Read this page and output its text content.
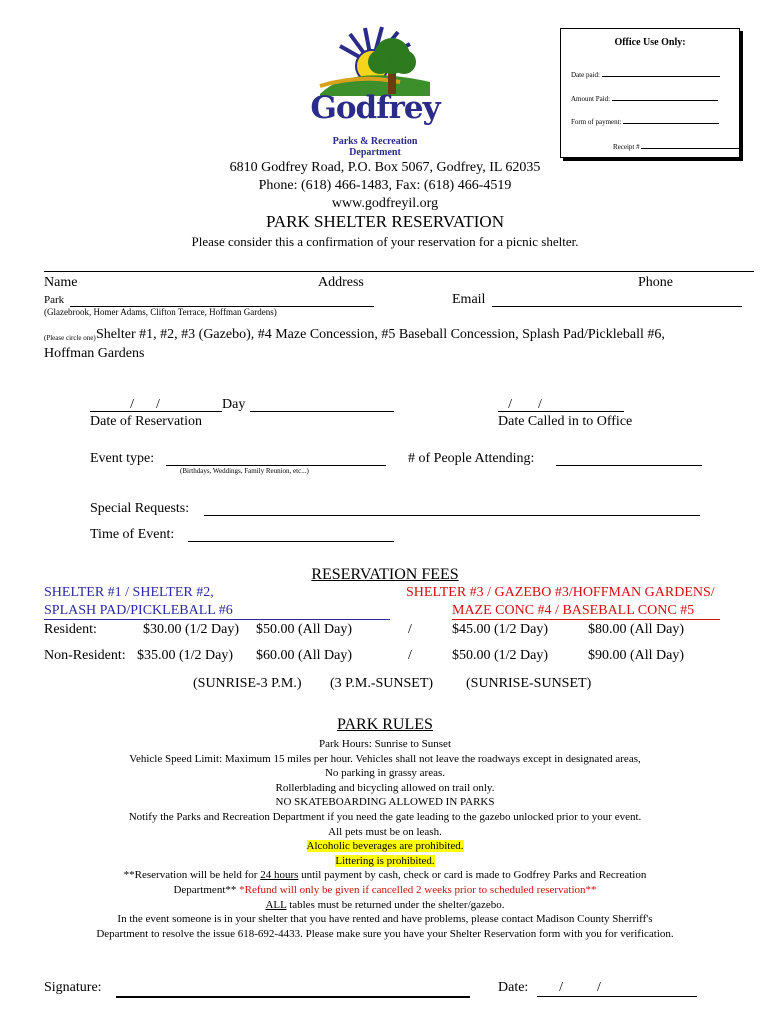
Office Use Only:
Date paid:
Amount Paid:
Form of payment:
Receipt #
Godfrey
Parks & Recreation
Department
6810 Godfrey Road, P.O. Box 5067, Godfrey, IL 62035
Phone: (618) 466-1483, Fax: (618) 466-4519
www.godfreyil.org
PARK SHELTER RESERVATION
Please consider this a confirmation of your reservation for a picnic shelter.
Name	Address	Phone
Park
(Glazebrook, Homer Adams, Clifton Terrace, Hoffman Gardens)
Email
(Please circle one) Shelter #1, #2, #3 (Gazebo), #4 Maze Concession, #5 Baseball Concession, Splash Pad/Pickleball #6,
Hoffman Gardens
//	Day
Date of Reservation
//
Date Called in to Office
Event type:
(Birthdays, Weddings, Family Reunion, etc...)
# of People Attending:
Special Requests:
Time of Event:
RESERVATION FEES
SHELTER #1 / SHELTER #2,
SPLASH PAD/PICKLEBALL #6
SHELTER #3 / GAZEBO #3/HOFFMAN GARDENS/
MAZE CONC #4 / BASEBALL CONC #5
Resident:	$30.00 (1/2 Day) $50.00 (All Day)	/	$45.00 (1/2 Day)	$80.00 (All Day)
Non-Resident: $35.00 (1/2 Day) $60.00 (All Day)	/	$50.00 (1/2 Day)	$90.00 (All Day)
(SUNRISE-3 P.M.) (3 P.M.-SUNSET) (SUNRISE-SUNSET)
PARK RULES
Park Hours: Sunrise to Sunset
Vehicle Speed Limit: Maximum 15 miles per hour. Vehicles shall not leave the roadways except in designated areas,
No parking in grassy areas.
Rollerblading and bicycling allowed on trail only.
NO SKATEBOARDING ALLOWED IN PARKS
Notify the Parks and Recreation Department if you need the gate leading to the gazebo unlocked prior to your event.
All pets must be on leash.
Alcoholic beverages are prohibited.
Littering is prohibited.
**Reservation will be held for 24 hours until payment by cash, check or card is made to Godfrey Parks and Recreation
Department** *Refund will only be given if cancelled 2 weeks prior to scheduled reservation**
ALL tables must be returned under the shelter/gazebo.
In the event someone is in your shelter that you have rented and have problems, please contact Madison County Sherriff's
Department to resolve the issue 618-692-4433. Please make sure you have your Shelter Reservation form with you for verification.
Signature:	Date:	//
